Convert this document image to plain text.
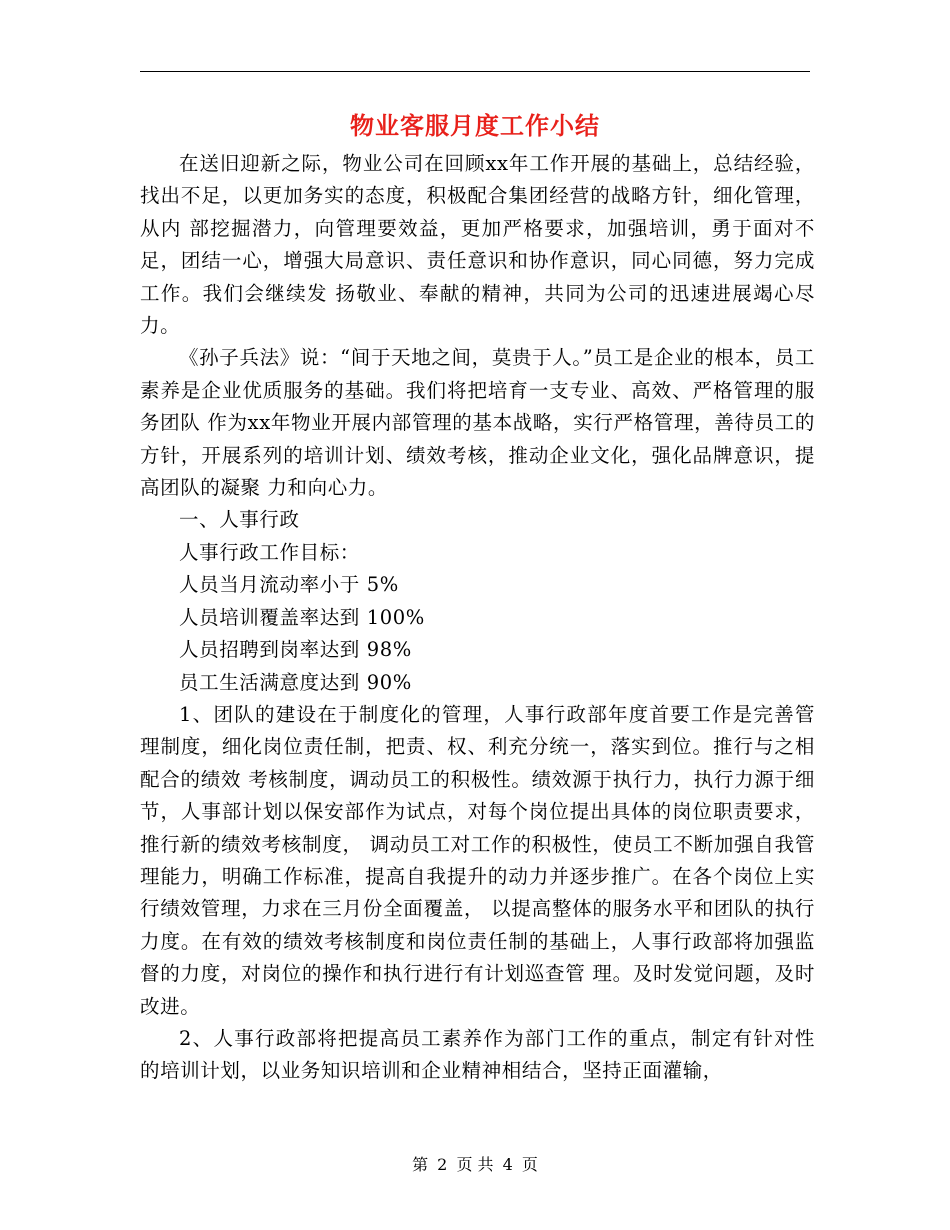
物业客服月度工作小结

在送旧迎新之际，物业公司在回顾xx年工作开展的基础上，总结经验，找出不足，以更加务实的态度，积极配合集团经营的战略方针，细化管理，从内 部挖掘潜力，向管理要效益，更加严格要求，加强培训，勇于面对不足，团结一心，增强大局意识、责任意识和协作意识，同心同德，努力完成工作。我们会继续发 扬敬业、奉献的精神，共同为公司的迅速进展竭心尽力。

《孙子兵法》说：“间于天地之间，莫贵于人。”员工是企业的根本，员工素养是企业优质服务的基础。我们将把培育一支专业、高效、严格管理的服务团队 作为xx年物业开展内部管理的基本战略，实行严格管理，善待员工的方针，开展系列的培训计划、绩效考核，推动企业文化，强化品牌意识，提高团队的凝聚 力和向心力。

一、人事行政

人事行政工作目标：

人员当月流动率小于 5%

人员培训覆盖率达到 100%

人员招聘到岗率达到 98%

员工生活满意度达到 90%

1、团队的建设在于制度化的管理，人事行政部年度首要工作是完善管理制度，细化岗位责任制，把责、权、利充分统一，落实到位。推行与之相配合的绩效 考核制度，调动员工的积极性。绩效源于执行力，执行力源于细节，人事部计划以保安部作为试点，对每个岗位提出具体的岗位职责要求，推行新的绩效考核制度， 调动员工对工作的积极性，使员工不断加强自我管理能力，明确工作标准，提高自我提升的动力并逐步推广。在各个岗位上实行绩效管理，力求在三月份全面覆盖， 以提高整体的服务水平和团队的执行力度。在有效的绩效考核制度和岗位责任制的基础上，人事行政部将加强监督的力度，对岗位的操作和执行进行有计划巡查管 理。及时发觉问题，及时改进。

2、人事行政部将把提高员工素养作为部门工作的重点，制定有针对性的培训计划，以业务知识培训和企业精神相结合，坚持正面灌输，

第 2 页 共 4 页
